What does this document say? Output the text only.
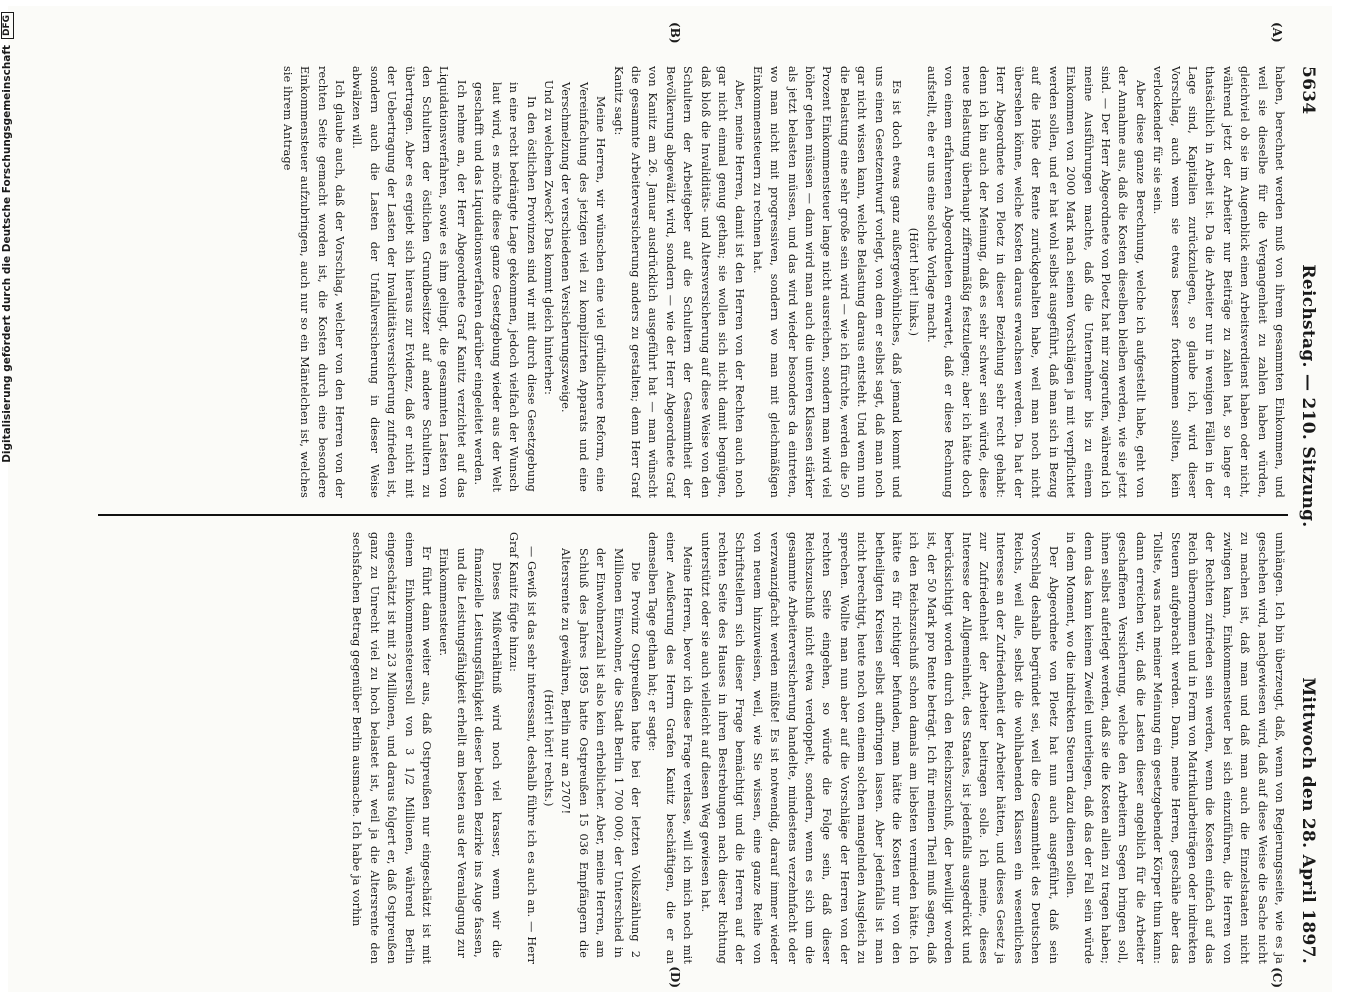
5634
Reichstag. — 210. Sitzung.
Mittwoch den 28. April 1897.
(A)
(B)

haben, berechnet werden muß von ihrem gesammten Einkommen, und weil sie dieselbe für die Vergangenheit zu zahlen haben würden, gleichviel ob sie im Augenblick einen Arbeitsverdienst haben oder nicht, während jetzt der Arbeiter nur Beiträge zu zahlen hat, so lange er thatsächlich in Arbeit ist. Da die Arbeiter nur in wenigen Fällen in der Lage sind, Kapitalien zurückzulegen, so glaube ich, wird dieser Vorschlag, auch wenn sie etwas besser fortkommen sollten, kein verlockender für sie sein.

Aber diese ganze Berechnung, welche ich aufgestellt habe, geht von der Annahme aus, daß die Kosten dieselben bleiben werden, wie sie jetzt sind. — Der Herr Abgeordnete von Ploetz hat mir zugerufen, während ich meine Ausführungen machte, daß die Unternehmer bis zu einem Einkommen von 2000 Mark nach seinen Vorschlägen ja mit verpflichtet werden sollen, und er hat wohl selbst ausgeführt, daß man sich in Bezug auf die Höhe der Rente zurückgehalten habe, weil man noch nicht übersehen könne, welche Kosten daraus erwachsen werden. Da hat der Herr Abgeordnete von Ploetz in dieser Beziehung sehr recht gehabt: denn ich bin auch der Meinung, daß es sehr schwer sein würde, diese neue Belastung überhaupt ziffernmäßig festzulegen; aber ich hätte doch von einem erfahrenen Abgeordneten erwartet, daß er diese Rechnung aufstellt, ehe er uns eine solche Vorlage macht.

(Hört! hört! links.)

Es ist doch etwas ganz außergewöhnliches, daß jemand kommt und uns einen Gesetzentwurf vorlegt, von dem er selbst sagt, daß man noch gar nicht wissen kann, welche Belastung daraus entsteht. Und wenn nun die Belastung eine sehr große sein wird — wie ich fürchte, werden die 50 Prozent Einkommensteuer lange nicht ausreichen, sondern man wird viel höher gehen müssen — dann wird man auch die unteren Klassen stärker als jetzt belasten müssen, und das wird wieder besonders da eintreten, wo man nicht mit progressiven, sondern wo man mit gleichmäßigen Einkommensteuern zu rechnen hat.

Aber, meine Herren, damit ist den Herren von der Rechten auch noch gar nicht einmal genug gethan; sie wollen sich nicht damit begnügen, daß bloß die Invaliditäts- und Altersversicherung auf diese Weise von den Schultern der Arbeitgeber auf die Schultern der Gesammtheit der Bevölkerung abgewälzt wird, sondern — wie der Herr Abgeordnete Graf von Kanitz am 26. Januar ausdrücklich ausgeführt hat — man wünscht die gesammte Arbeiterversicherung anders zu gestalten; denn Herr Graf Kanitz sagt:

Meine Herren, wir wünschen eine viel gründlichere Reform, eine Vereinfachung des jetzigen viel zu komplizirten Apparats und eine Verschmelzung der verschiedenen Versicherungszweige.

Und zu welchem Zweck? Das kommt gleich hinterher:

In den östlichen Provinzen sind wir mit durch diese Gesetzgebung in eine recht bedrängte Lage gekommen, jedoch vielfach der Wunsch laut wird, es möchte diese ganze Gesetzgebung wieder aus der Welt geschafft und das Liquidationsverfahren darüber eingeleitet werden.

Ich nehme an, der Herr Abgeordnete Graf Kanitz verzichtet auf das Liquidationsverfahren, sowie es ihm gelingt, die gesammten Lasten von den Schultern der östlichen Grundbesitzer auf andere Schultern zu übertragen. Aber es ergiebt sich hieraus zur Evidenz, daß er nicht mit der Uebertragung der Lasten der Invaliditätsversicherung zufrieden ist, sondern auch die Lasten der Unfallversicherung in dieser Weise abwälzen will.

Ich glaube auch, daß der Vorschlag, welcher von den Herren von der rechten Seite gemacht worden ist, die Kosten durch eine besondere Einkommensteuer aufzubringen, auch nur so ein Mäntelchen ist, welches sie ihrem Antrage

umhängen. Ich bin überzeugt, daß, wenn von Regierungsseite, wie es ja geschehen wird, nachgewiesen wird, daß auf diese Weise die Sache nicht zu machen ist, daß man und daß man auch die Einzelstaaten nicht zwingen kann, Einkommensteuer bei sich einzuführen, die Herren von der Rechten zufrieden sein werden, wenn die Kosten einfach auf das Reich übernommen und in Form von Matrikularbeiträgen oder indirekten Steuern aufgebracht werden. Dann, meine Herren, geschähe aber das Tollste, was nach meiner Meinung ein gesetzgebender Körper thun kann: dann erreichen wir, daß die Lasten dieser angeblich für die Arbeiter geschaffenen Versicherung, welche den Arbeitern Segen bringen soll, ihnen selbst auferlegt werden, daß sie die Kosten allein zu tragen haben; denn das kann keinem Zweifel unterliegen, daß das der Fall sein würde in dem Moment, wo die indirekten Steuern dazu dienen sollen.

Der Abgeordnete von Ploetz hat nun auch ausgeführt, daß sein Vorschlag deshalb begründet sei, weil die Gesammtheit des Deutschen Reichs, weil alle, selbst die wohlhabenden Klassen ein wesentliches Interesse an der Zufriedenheit der Arbeiter hätten, und dieses Gesetz ja zur Zufriedenheit der Arbeiter beitragen solle. Ich meine, dieses Interesse der Allgemeinheit, des Staates, ist jedenfalls ausgedrückt und berücksichtigt worden durch den Reichszuschuß, der bewilligt worden ist, der 50 Mark pro Rente beträgt. Ich für meinen Theil muß sagen, daß ich den Reichszuschuß schon damals am liebsten vermieden hätte. Ich hätte es für richtiger befunden, man hätte die Kosten nur von den betheiligten Kreisen selbst aufbringen lassen. Aber jedenfalls ist man nicht berechtigt, heute noch von einem solchen mangelnden Ausgleich zu sprechen. Wollte man nun aber auf die Vorschläge der Herren von der rechten Seite eingehen, so würde die Folge sein, daß dieser Reichszuschuß nicht etwa verdoppelt, sondern, wenn es sich um die gesammte Arbeiterversicherung handelte, mindestens verzehnfacht oder verzwanzigfacht werden müßte! Es ist notwendig, darauf immer wieder von neuem hinzuweisen, weil, wie Sie wissen, eine ganze Reihe von Schriftstellern sich dieser Frage bemächtigt und die Herren auf der rechten Seite des Hauses in ihren Bestrebungen nach dieser Richtung unterstützt oder sie auch vielleicht auf diesen Weg gewiesen hat.

Meine Herren, bevor ich diese Frage verlasse, will ich mich noch mit einer Aeußerung des Herrn Grafen Kanitz beschäftigen, die er an demselben Tage gethan hat; er sagte:

Die Provinz Ostpreußen hatte bei der letzten Volkszählung 2 Millionen Einwohner, die Stadt Berlin 1 700 000; der Unterschied in der Einwohnerzahl ist also kein erheblicher. Aber, meine Herren, am Schluß des Jahres 1895 hatte Ostpreußen 15 036 Empfängern die Altersrente zu gewähren, Berlin nur an 2707!

(Hört! hört! rechts.)

— Gewiß ist das sehr interessant, deshalb führe ich es auch an. — Herr Graf Kanitz fügte hinzu:

Dieses Mißverhältniß wird noch viel krasser, wenn wir die finanzielle Leistungsfähigkeit dieser beiden Bezirke ins Auge fassen, und die Leistungsfähigkeit erhellt am besten aus der Veranlagung zur Einkommensteuer.

Er führt dann weiter aus, daß Ostpreußen nur eingeschätzt ist mit einem Einkommensteuersoll von 3 1/2 Millionen, während Berlin eingeschätzt ist mit 23 Millionen, und daraus folgert er, daß Ostpreußen ganz zu Unrecht viel zu hoch belastet ist, weil ja die Altersrente den sechsfachen Betrag gegenüber Berlin ausmache. Ich habe ja vorhin

(C)
(D)
Digitalisierung gefördert durch die Deutsche Forschungsgemeinschaft
DFG
